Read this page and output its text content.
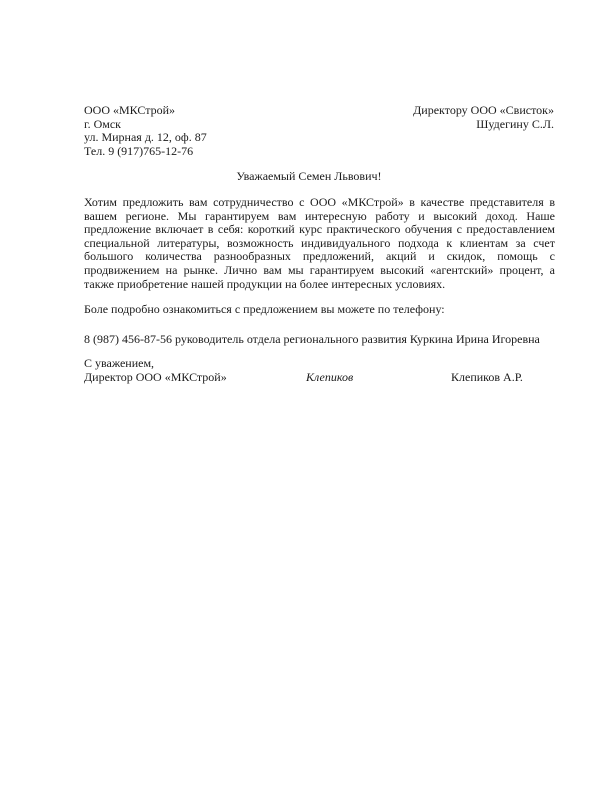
ООО «МКСтрой»
г. Омск
ул. Мирная д. 12, оф. 87
Тел. 9 (917)765-12-76
Директору ООО «Свисток»
Шудегину С.Л.
Уважаемый Семен Львович!
Хотим предложить вам сотрудничество с ООО «МКСтрой» в качестве представителя в вашем регионе. Мы гарантируем вам интересную работу и высокий доход. Наше предложение включает в себя: короткий курс практического обучения с предоставлением специальной литературы, возможность индивидуального подхода к клиентам за счет большого количества разнообразных предложений, акций и скидок, помощь с продвижением на рынке. Лично вам мы гарантируем высокий «агентский» процент, а также приобретение нашей продукции на более интересных условиях.
Боле подробно ознакомиться с предложением вы можете по телефону:
8 (987) 456-87-56 руководитель отдела регионального развития Куркина Ирина Игоревна
С уважением,
Директор ООО «МКСтрой»	Клепиков	Клепиков А.Р.
